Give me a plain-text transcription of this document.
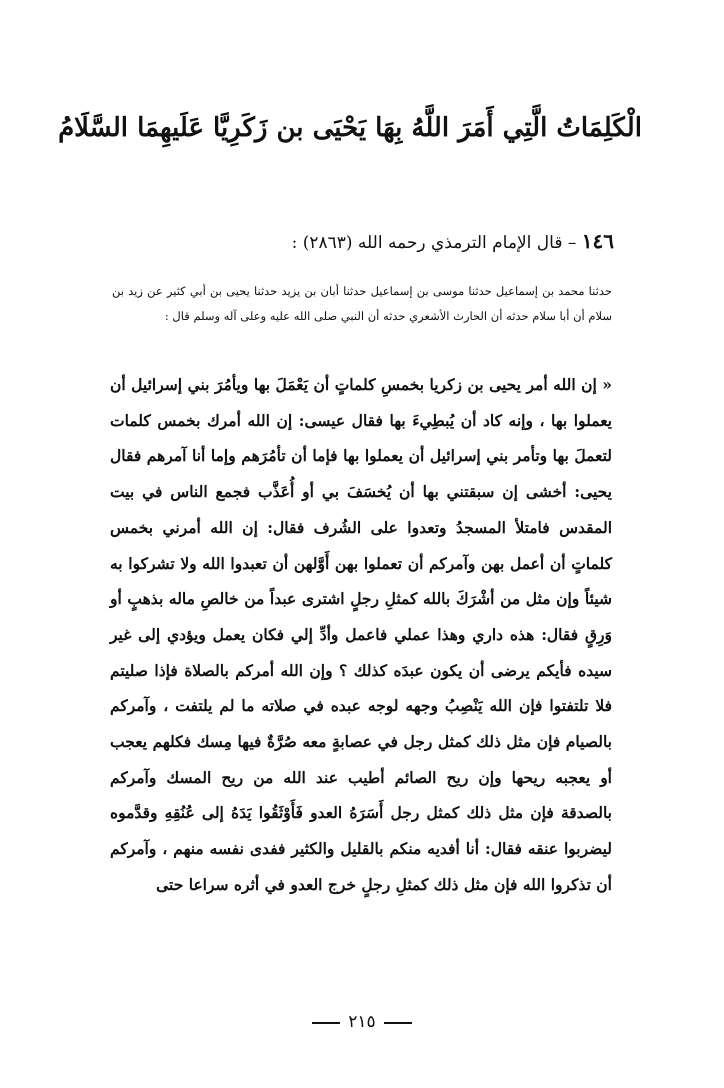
الْكَلِمَاتُ الَّتِي أَمَرَ اللَّهُ بِهَا يَحْيَى بن زَكَرِيَّا عَلَيهِمَا السَّلَامُ
١٤٦ – قال الإمام الترمذي رحمه الله (٢٨٦٣) :
حدثنا محمد بن إسماعيل حدثنا موسى بن إسماعيل حدثنا أبان بن يزيد حدثنا يحيى بن أبي كثير عن زيد بن سلام أن أبا سلام حدثه أن الحارث الأشعري حدثه أن النبي صلى الله عليه وعلى آله وسلم قال :

« إن الله أمر يحيى بن زكريا بخمسِ كلماتٍ أن يَعْمَلَ بها ويأمُرَ بني إسرائيل أن يعملوا بها ، وإنه كاد أن يُبطِيءَ بها فقال عيسى: إن الله أمرك بخمس كلمات لتعملَ بها وتأمر بني إسرائيل أن يعملوا بها فإما أن تأمُرَهم وإما أنا آمرهم فقال يحيى: أخشى إن سبقتني بها أن يُخسَفَ بي أو أُعَذَّب فجمع الناس في بيت المقدس فامتلأ المسجدُ وتعدوا على الشُرف فقال: إن الله أمرني بخمس كلماتٍ أن أعمل بهن وآمركم أن تعملوا بهن أَوَّلهن أن تعبدوا الله ولا تشركوا به شيئاً وإن مثل من أشْرَكَ بالله كمثلِ رجلٍ اشترى عبداً من خالصِ ماله بذهبٍ أو وَرِقٍ فقال: هذه داري وهذا عملي فاعمل وأدِّ إلي فكان يعمل ويؤدي إلى غير سيده فأيكم يرضى أن يكون عبدَه كذلك ؟ وإن الله أمركم بالصلاة فإذا صليتم فلا تلتفتوا فإن الله يَنْصِبُ وجهه لوجه عبده في صلاته ما لم يلتفت ، وآمركم بالصيام فإن مثل ذلك كمثل رجل في عصابةٍ معه صُرَّةٌ فيها مِسك فكلهم يعجب أو يعجبه ريحها وإن ريح الصائم أطيب عند الله من ريح المسك وآمركم بالصدقة فإن مثل ذلك كمثل رجل أَسَرَهُ العدو فَأَوْثَقُوا يَدَهُ إلى عُنُقِهِ وقدَّموه ليضربوا عنقه فقال: أنا أفديه منكم بالقليل والكثير ففدى نفسه منهم ، وآمركم أن تذكروا الله فإن مثل ذلك كمثلِ رجلٍ خرج العدو في أثره سراعا حتى

٢١٥
